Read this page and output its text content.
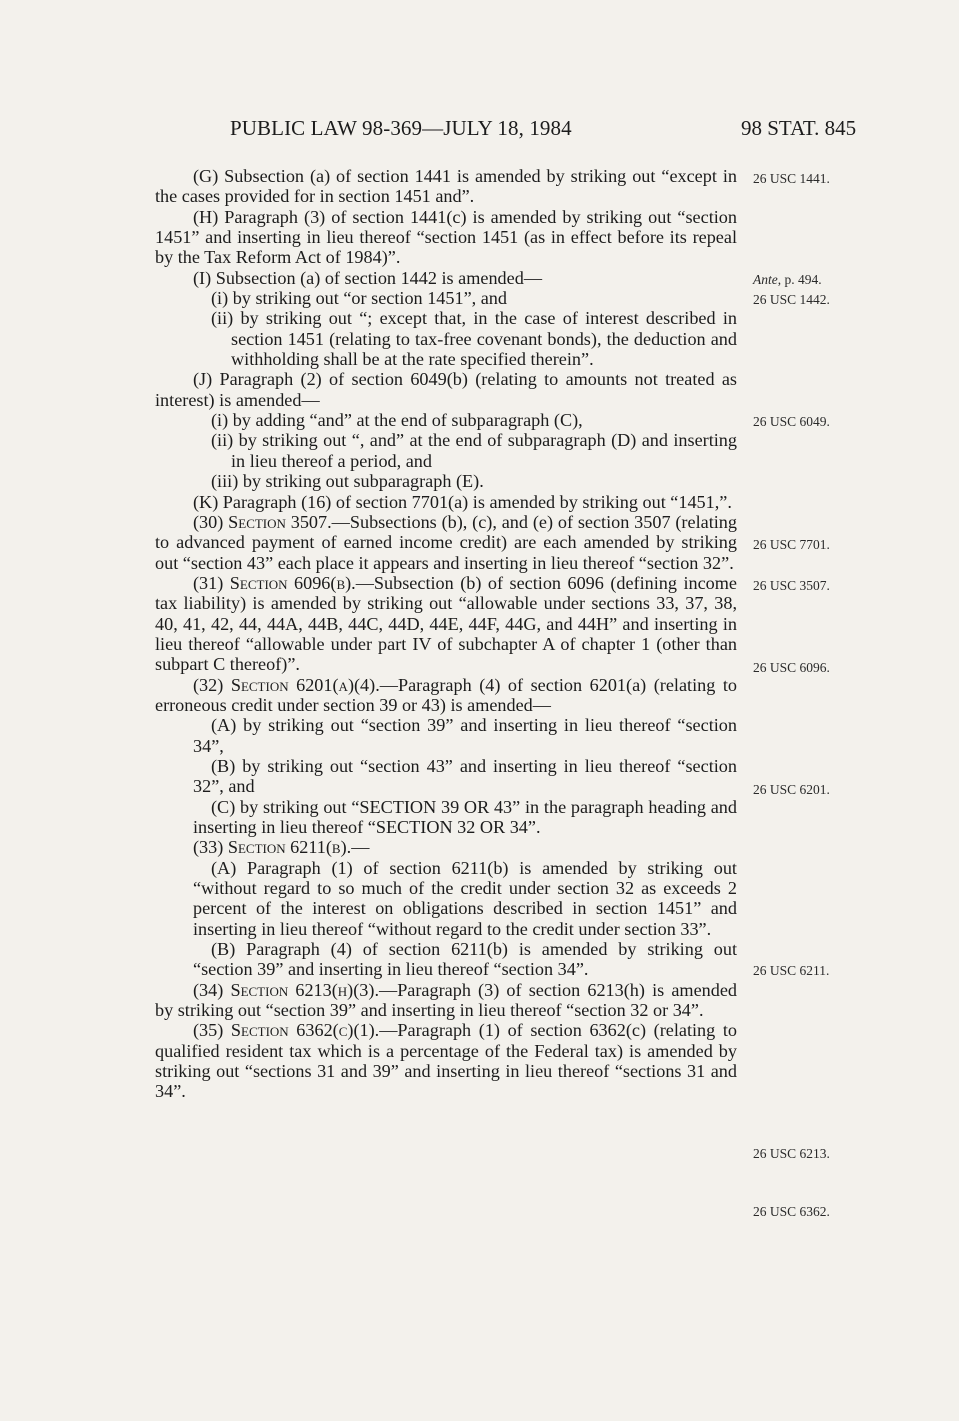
PUBLIC LAW 98-369—JULY 18, 1984	98 STAT. 845

(G) Subsection (a) of section 1441 is amended by striking out “except in the cases provided for in section 1451 and”.

(H) Paragraph (3) of section 1441(c) is amended by striking out “section 1451” and inserting in lieu thereof “section 1451 (as in effect before its repeal by the Tax Reform Act of 1984)”.

(I) Subsection (a) of section 1442 is amended—

(i) by striking out “or section 1451”, and

(ii) by striking out “; except that, in the case of interest described in section 1451 (relating to tax-free covenant bonds), the deduction and withholding shall be at the rate specified therein”.

(J) Paragraph (2) of section 6049(b) (relating to amounts not treated as interest) is amended—

(i) by adding “and” at the end of subparagraph (C),

(ii) by striking out “, and” at the end of subparagraph (D) and inserting in lieu thereof a period, and

(iii) by striking out subparagraph (E).

(K) Paragraph (16) of section 7701(a) is amended by striking out “1451,”.

(30) Section 3507.—Subsections (b), (c), and (e) of section 3507 (relating to advanced payment of earned income credit) are each amended by striking out “section 43” each place it appears and inserting in lieu thereof “section 32”.

(31) Section 6096(b).—Subsection (b) of section 6096 (defining income tax liability) is amended by striking out “allowable under sections 33, 37, 38, 40, 41, 42, 44, 44A, 44B, 44C, 44D, 44E, 44F, 44G, and 44H” and inserting in lieu thereof “allowable under part IV of subchapter A of chapter 1 (other than subpart C thereof)”.

(32) Section 6201(a)(4).—Paragraph (4) of section 6201(a) (relating to erroneous credit under section 39 or 43) is amended—

(A) by striking out “section 39” and inserting in lieu thereof “section 34”,

(B) by striking out “section 43” and inserting in lieu thereof “section 32”, and

(C) by striking out “SECTION 39 OR 43” in the paragraph heading and inserting in lieu thereof “SECTION 32 OR 34”.

(33) Section 6211(b).—

(A) Paragraph (1) of section 6211(b) is amended by striking out “without regard to so much of the credit under section 32 as exceeds 2 percent of the interest on obligations described in section 1451” and inserting in lieu thereof “without regard to the credit under section 33”.

(B) Paragraph (4) of section 6211(b) is amended by striking out “section 39” and inserting in lieu thereof “section 34”.

(34) Section 6213(h)(3).—Paragraph (3) of section 6213(h) is amended by striking out “section 39” and inserting in lieu thereof “section 32 or 34”.

(35) Section 6362(c)(1).—Paragraph (1) of section 6362(c) (relating to qualified resident tax which is a percentage of the Federal tax) is amended by striking out “sections 31 and 39” and inserting in lieu thereof “sections 31 and 34”.

26 USC 1441.
Ante, p. 494.
26 USC 1442.
26 USC 6049.
26 USC 7701.
26 USC 3507.
26 USC 6096.
26 USC 6201.
26 USC 6211.
26 USC 6213.
26 USC 6362.
